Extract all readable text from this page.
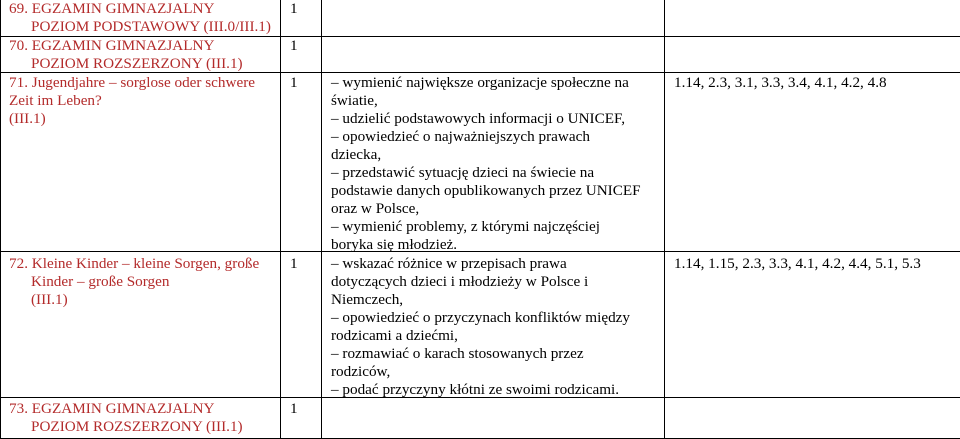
69. EGZAMIN GIMNAZJALNY
POZIOM PODSTAWOWY (III.0/III.1)
1
70. EGZAMIN GIMNAZJALNY
POZIOM ROZSZERZONY (III.1)
1
71. Jugendjahre – sorglose oder schwere
Zeit im Leben?
(III.1)
1 – wymienić największe organizacje społeczne na
światie,
– udzielić podstawowych informacji o UNICEF,
– opowiedzieć o najważniejszych prawach
dziecka,
– przedstawić sytuację dzieci na świecie na
podstawie danych opublikowanych przez UNICEF
oraz w Polsce,
– wymienić problemy, z którymi najczęściej
boryka się młodzież.
1.14, 2.3, 3.1, 3.3, 3.4, 4.1, 4.2, 4.8
72. Kleine Kinder – kleine Sorgen, große
Kinder – große Sorgen
(III.1)
1 – wskazać różnice w przepisach prawa
dotyczących dzieci i młodzieży w Polsce i
Niemczech,
– opowiedzieć o przyczynach konfliktów między
rodzicami a dziećmi,
– rozmawiać o karach stosowanych przez
rodziców,
– podać przyczyny kłótni ze swoimi rodzicami.
1.14, 1.15, 2.3, 3.3, 4.1, 4.2, 4.4, 5.1, 5.3
73. EGZAMIN GIMNAZJALNY
POZIOM ROZSZERZONY (III.1)
1
